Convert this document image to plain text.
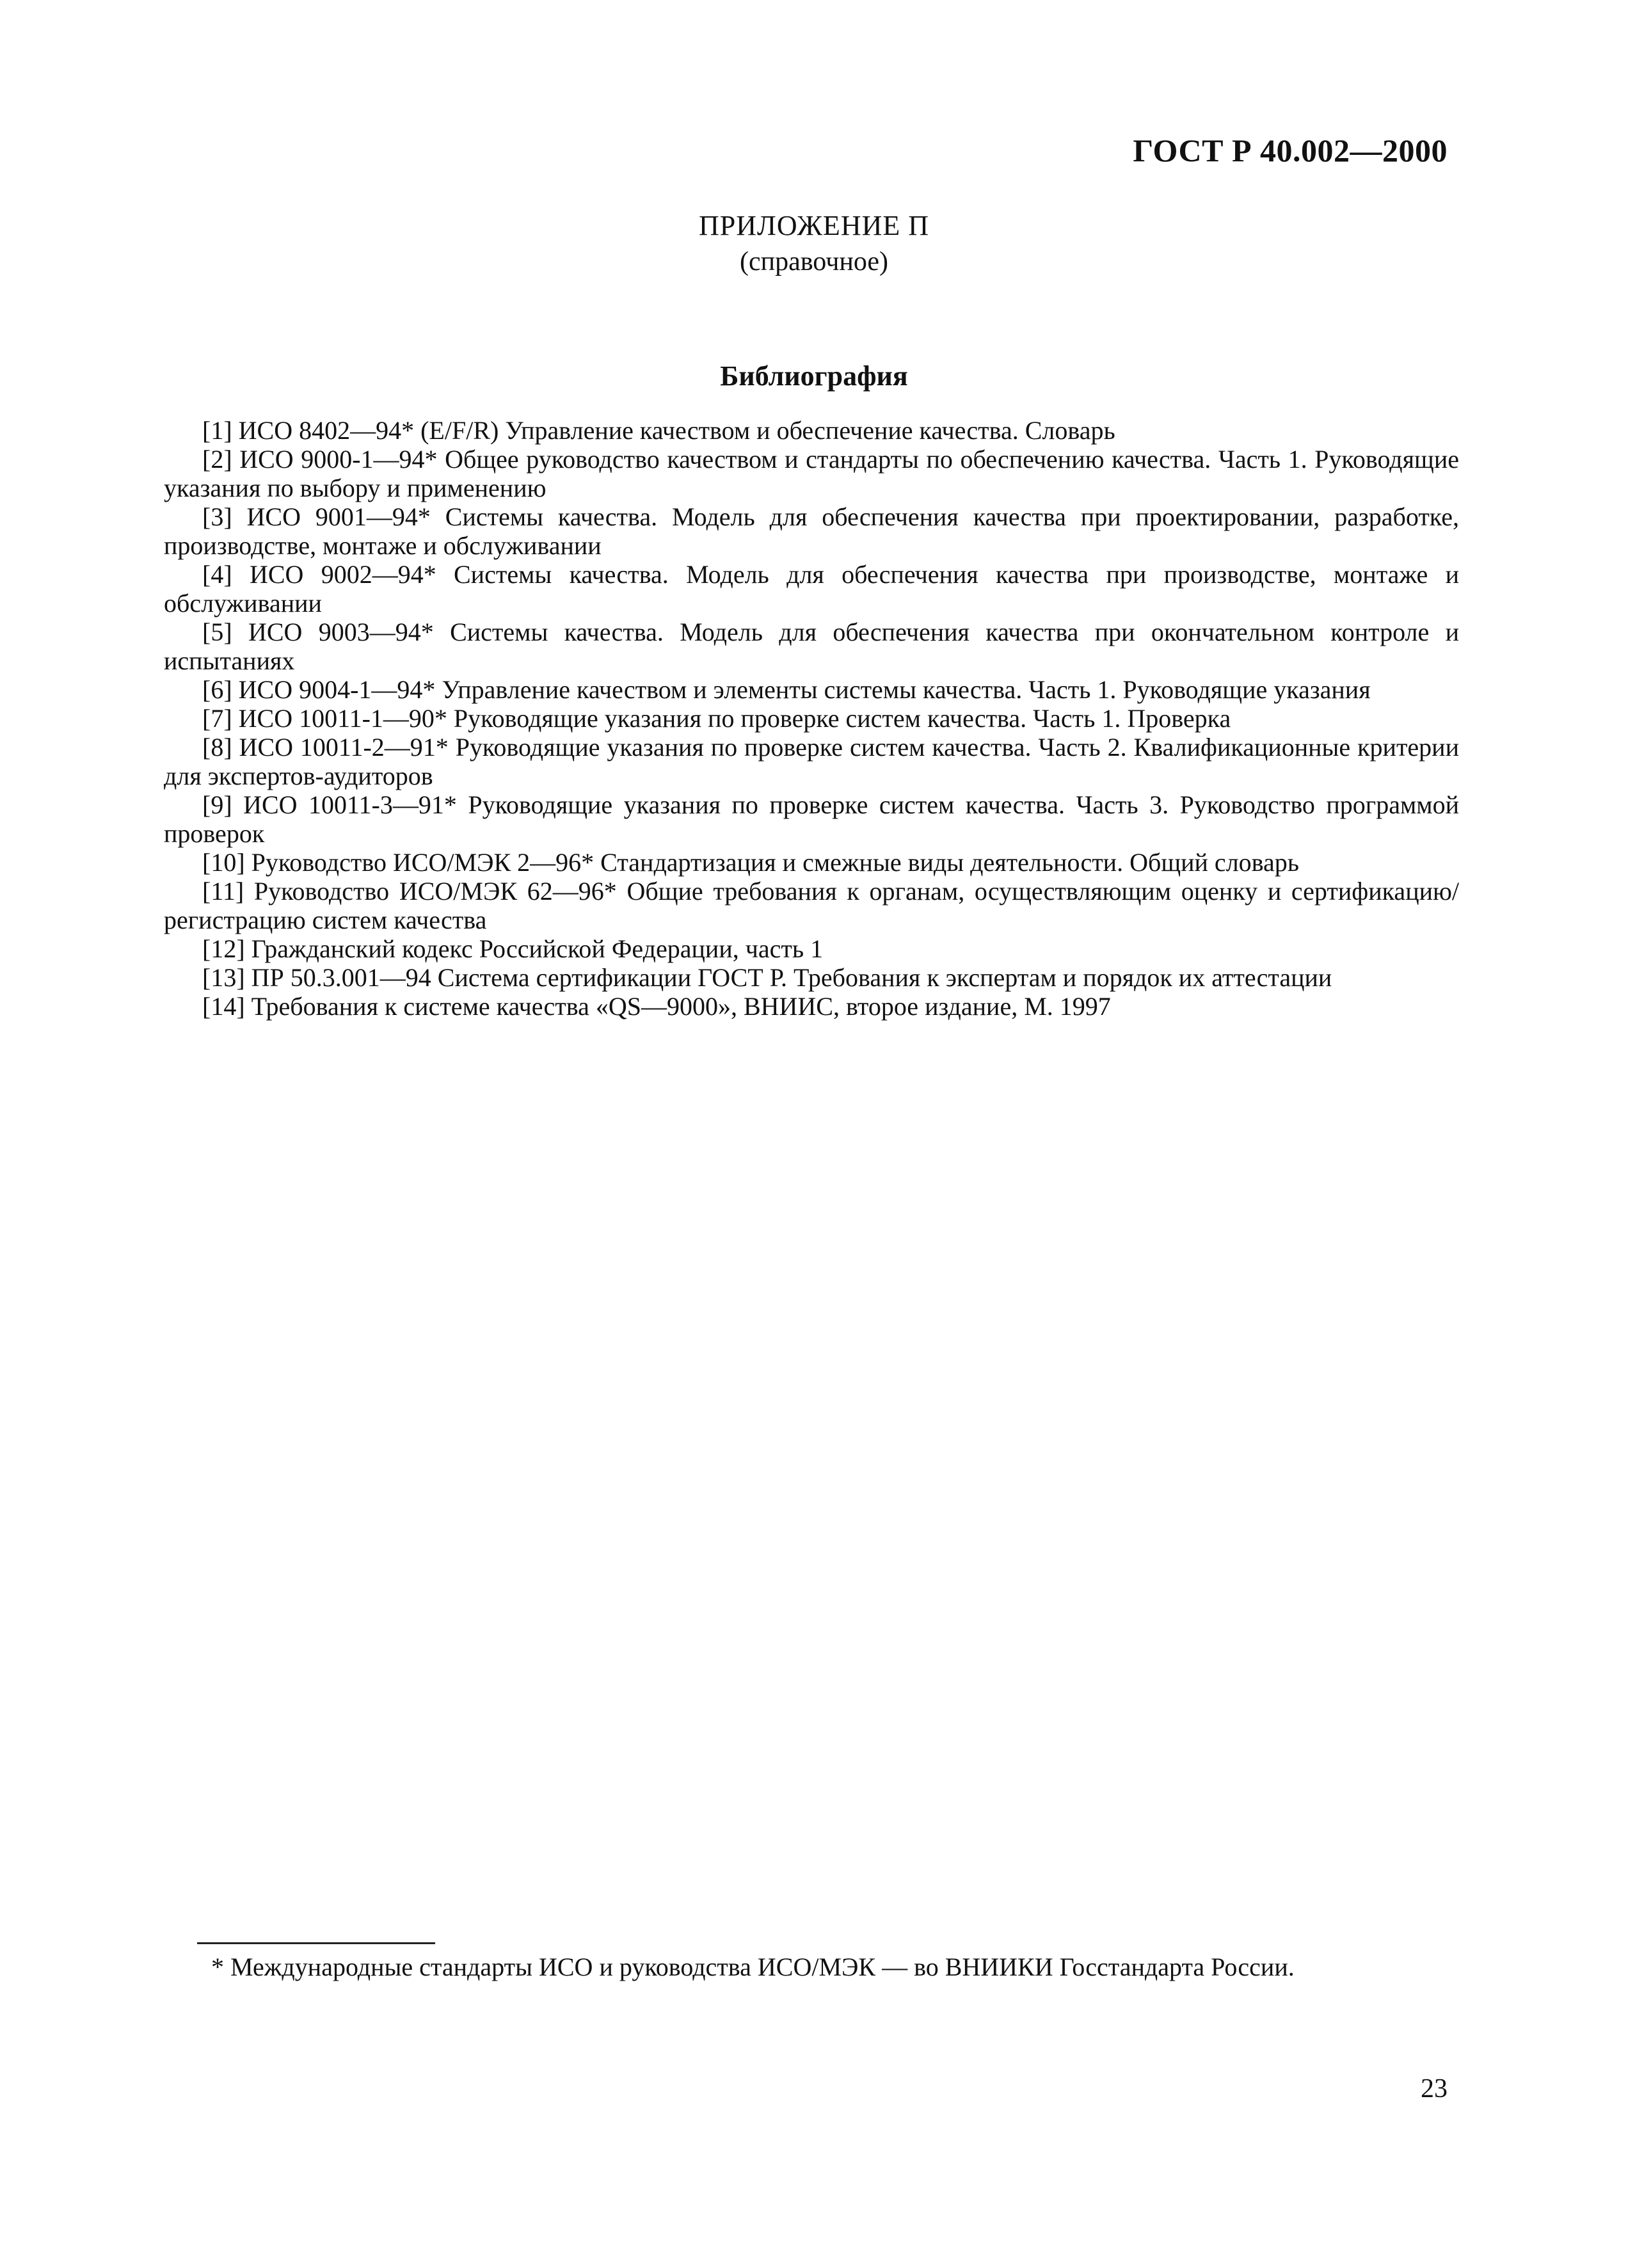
ГОСТ Р 40.002—2000
ПРИЛОЖЕНИЕ П
(справочное)
Библиография
[1] ИСО 8402—94* (E/F/R) Управление качеством и обеспечение качества. Словарь
[2] ИСО 9000-1—94* Общее руководство качеством и стандарты по обеспечению качества. Часть 1. Руководящие указания по выбору и применению
[3] ИСО 9001—94* Системы качества. Модель для обеспечения качества при проектировании, разработке, производстве, монтаже и обслуживании
[4] ИСО 9002—94* Системы качества. Модель для обеспечения качества при производстве, монтаже и обслуживании
[5] ИСО 9003—94* Системы качества. Модель для обеспечения качества при окончательном контроле и испытаниях
[6] ИСО 9004-1—94* Управление качеством и элементы системы качества. Часть 1. Руководящие указания
[7] ИСО 10011-1—90* Руководящие указания по проверке систем качества. Часть 1. Проверка
[8] ИСО 10011-2—91* Руководящие указания по проверке систем качества. Часть 2. Квалификационные критерии для экспертов-аудиторов
[9] ИСО 10011-3—91* Руководящие указания по проверке систем качества. Часть 3. Руководство программой проверок
[10] Руководство ИСО/МЭК 2—96* Стандартизация и смежные виды деятельности. Общий словарь
[11] Руководство ИСО/МЭК 62—96* Общие требования к органам, осуществляющим оценку и сертификацию/регистрацию систем качества
[12] Гражданский кодекс Российской Федерации, часть 1
[13] ПР 50.3.001—94 Система сертификации ГОСТ Р. Требования к экспертам и порядок их аттестации
[14] Требования к системе качества «QS—9000», ВНИИС, второе издание, М. 1997
* Международные стандарты ИСО и руководства ИСО/МЭК — во ВНИИКИ Госстандарта России.
23
